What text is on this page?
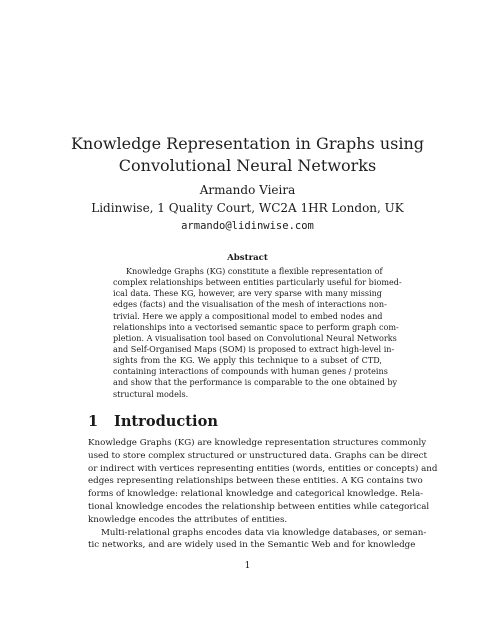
Knowledge Representation in Graphs using
Convolutional Neural Networks
Armando Vieira
Lidinwise, 1 Quality Court, WC2A 1HR London, UK
armando@lidinwise.com
Abstract
Knowledge Graphs (KG) constitute a flexible representation of
complex relationships between entities particularly useful for biomed-
ical data. These KG, however, are very sparse with many missing
edges (facts) and the visualisation of the mesh of interactions non-
trivial. Here we apply a compositional model to embed nodes and
relationships into a vectorised semantic space to perform graph com-
pletion. A visualisation tool based on Convolutional Neural Networks
and Self-Organised Maps (SOM) is proposed to extract high-level in-
sights from the KG. We apply this technique to a subset of CTD,
containing interactions of compounds with human genes / proteins
and show that the performance is comparable to the one obtained by
structural models.
1 Introduction
Knowledge Graphs (KG) are knowledge representation structures commonly
used to store complex structured or unstructured data. Graphs can be direct
or indirect with vertices representing entities (words, entities or concepts) and
edges representing relationships between these entities. A KG contains two
forms of knowledge: relational knowledge and categorical knowledge. Rela-
tional knowledge encodes the relationship between entities while categorical
knowledge encodes the attributes of entities.
Multi-relational graphs encodes data via knowledge databases, or seman-
tic networks, and are widely used in the Semantic Web and for knowledge
1
